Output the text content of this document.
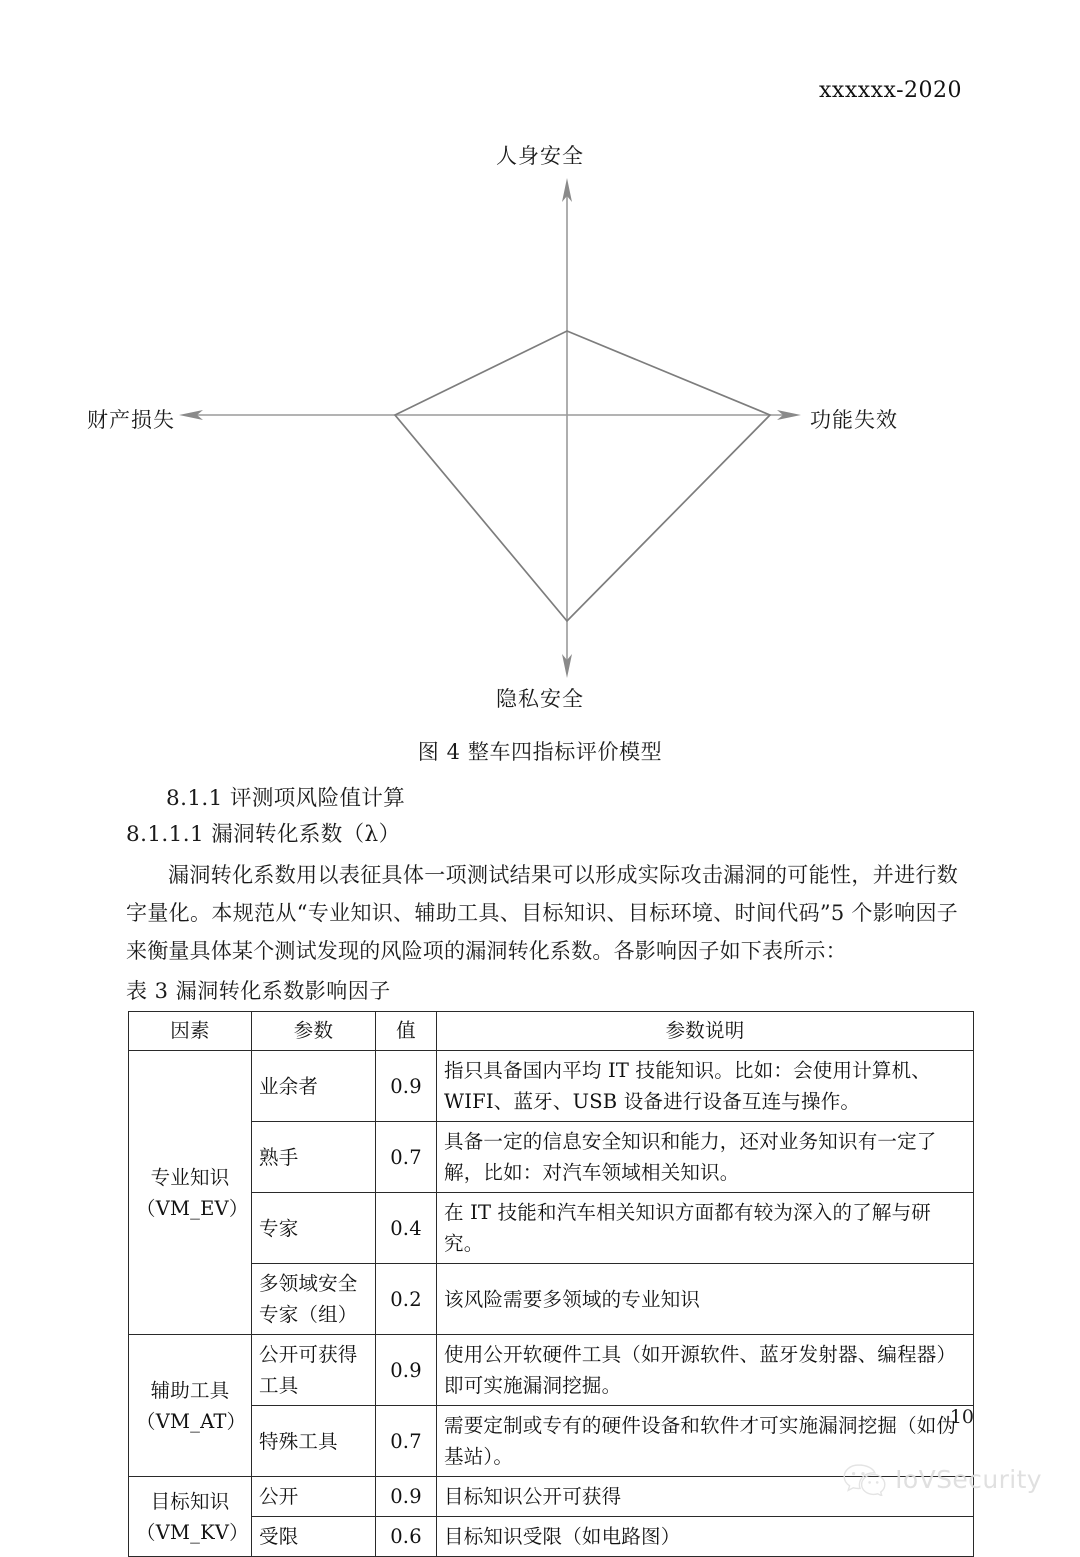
xxxxxx-2020
人身安全
功能失效
财产损失
隐私安全
图 4 整车四指标评价模型
8.1.1 评测项风险值计算
8.1.1.1 漏洞转化系数（λ）
漏洞转化系数用以表征具体一项测试结果可以形成实际攻击漏洞的可能性，并进行数字量化。本规范从“专业知识、辅助工具、目标知识、目标环境、时间代码”5 个影响因子来衡量具体某个测试发现的风险项的漏洞转化系数。各影响因子如下表所示：
表 3 漏洞转化系数影响因子
因素	参数	值	参数说明

专业知识
（VM_EV）	业余者	0.9	指只具备国内平均 IT 技能知识。比如：会使用计算机、WIFI、蓝牙、USB 设备进行设备互连与操作。
	熟手	0.7	具备一定的信息安全知识和能力，还对业务知识有一定了解，比如：对汽车领域相关知识。
	专家	0.4	在 IT 技能和汽车相关知识方面都有较为深入的了解与研究。
	多领域安全专家（组）	0.2	该风险需要多领域的专业知识

辅助工具
（VM_AT）	公开可获得工具	0.9	使用公开软硬件工具（如开源软件、蓝牙发射器、编程器）即可实施漏洞挖掘。
	特殊工具	0.7	需要定制或专有的硬件设备和软件才可实施漏洞挖掘（如伪基站）。

目标知识
（VM_KV）	公开	0.9	目标知识公开可获得
	受限	0.6	目标知识受限（如电路图）
10
IoVSecurity
